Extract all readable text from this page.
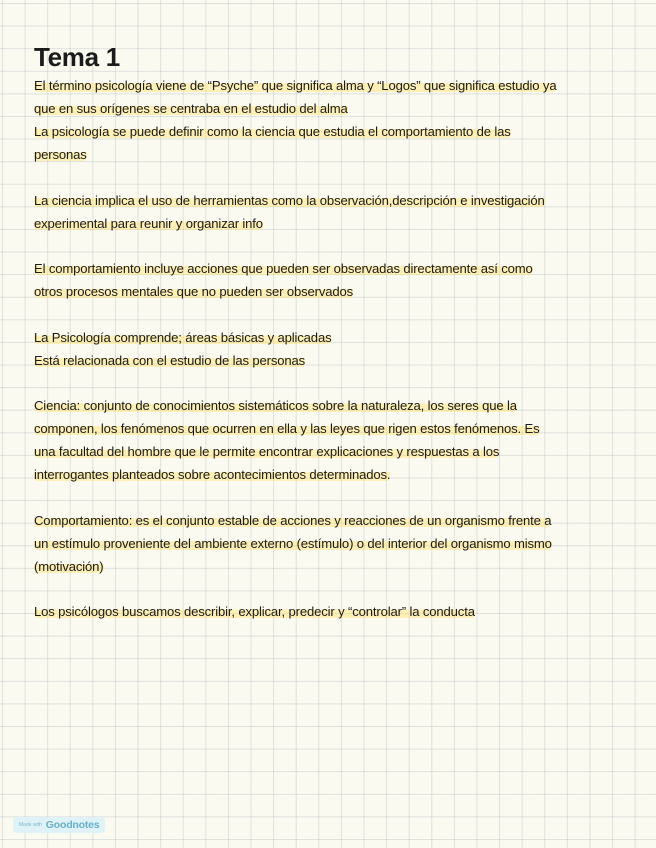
Tema 1

El término psicología viene de “Psyche” que significa alma y “Logos” que significa estudio ya
que en sus orígenes se centraba en el estudio del alma
La psicología se puede definir como la ciencia que estudia el comportamiento de las
personas

La ciencia implica el uso de herramientas como la observación,descripción e investigación
experimental para reunir y organizar info

El comportamiento incluye acciones que pueden ser observadas directamente así como
otros procesos mentales que no pueden ser observados

La Psicología comprende; áreas básicas y aplicadas
Está relacionada con el estudio de las personas

Ciencia: conjunto de conocimientos sistemáticos sobre la naturaleza, los seres que la
componen, los fenómenos que ocurren en ella y las leyes que rigen estos fenómenos. Es
una facultad del hombre que le permite encontrar explicaciones y respuestas a los
interrogantes planteados sobre acontecimientos determinados.

Comportamiento: es el conjunto estable de acciones y reacciones de un organismo frente a
un estímulo proveniente del ambiente externo (estímulo) o del interior del organismo mismo
(motivación)

Los psicólogos buscamos describir, explicar, predecir y “controlar” la conducta

Made with Goodnotes
